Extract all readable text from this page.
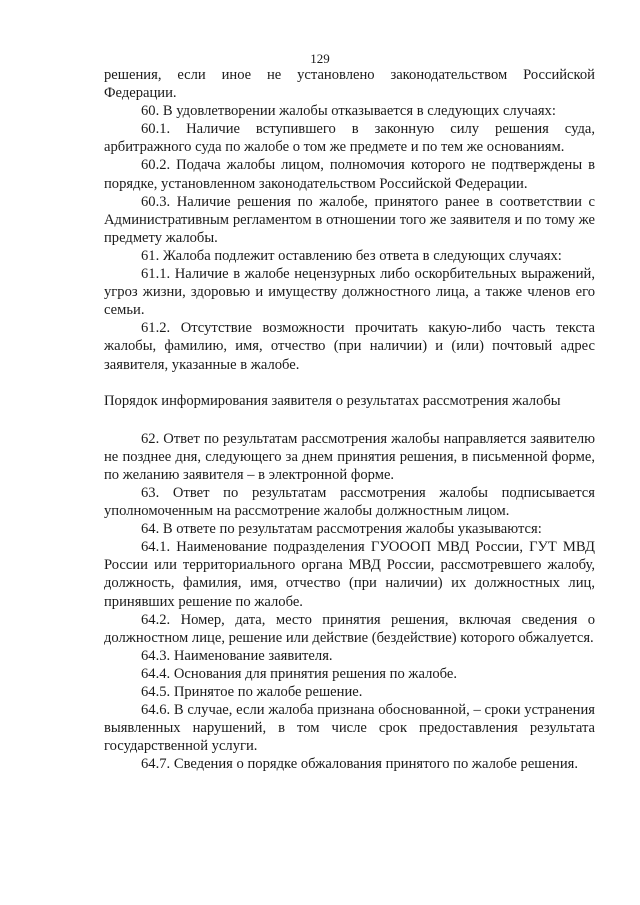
129

решения, если иное не установлено законодательством Российской Федерации.

60. В удовлетворении жалобы отказывается в следующих случаях:

60.1. Наличие вступившего в законную силу решения суда, арбитражного суда по жалобе о том же предмете и по тем же основаниям.

60.2. Подача жалобы лицом, полномочия которого не подтверждены в порядке, установленном законодательством Российской Федерации.

60.3. Наличие решения по жалобе, принятого ранее в соответствии с Административным регламентом в отношении того же заявителя и по тому же предмету жалобы.

61. Жалоба подлежит оставлению без ответа в следующих случаях:

61.1. Наличие в жалобе нецензурных либо оскорбительных выражений, угроз жизни, здоровью и имуществу должностного лица, а также членов его семьи.

61.2. Отсутствие возможности прочитать какую-либо часть текста жалобы, фамилию, имя, отчество (при наличии) и (или) почтовый адрес заявителя, указанные в жалобе.

Порядок информирования заявителя о результатах рассмотрения жалобы

62. Ответ по результатам рассмотрения жалобы направляется заявителю не позднее дня, следующего за днем принятия решения, в письменной форме, по желанию заявителя – в электронной форме.

63. Ответ по результатам рассмотрения жалобы подписывается уполномоченным на рассмотрение жалобы должностным лицом.

64. В ответе по результатам рассмотрения жалобы указываются:

64.1. Наименование подразделения ГУОООП МВД России, ГУТ МВД России или территориального органа МВД России, рассмотревшего жалобу, должность, фамилия, имя, отчество (при наличии) их должностных лиц, принявших решение по жалобе.

64.2. Номер, дата, место принятия решения, включая сведения о должностном лице, решение или действие (бездействие) которого обжалуется.

64.3. Наименование заявителя.

64.4. Основания для принятия решения по жалобе.

64.5. Принятое по жалобе решение.

64.6. В случае, если жалоба признана обоснованной, – сроки устранения выявленных нарушений, в том числе срок предоставления результата государственной услуги.

64.7. Сведения о порядке обжалования принятого по жалобе решения.
